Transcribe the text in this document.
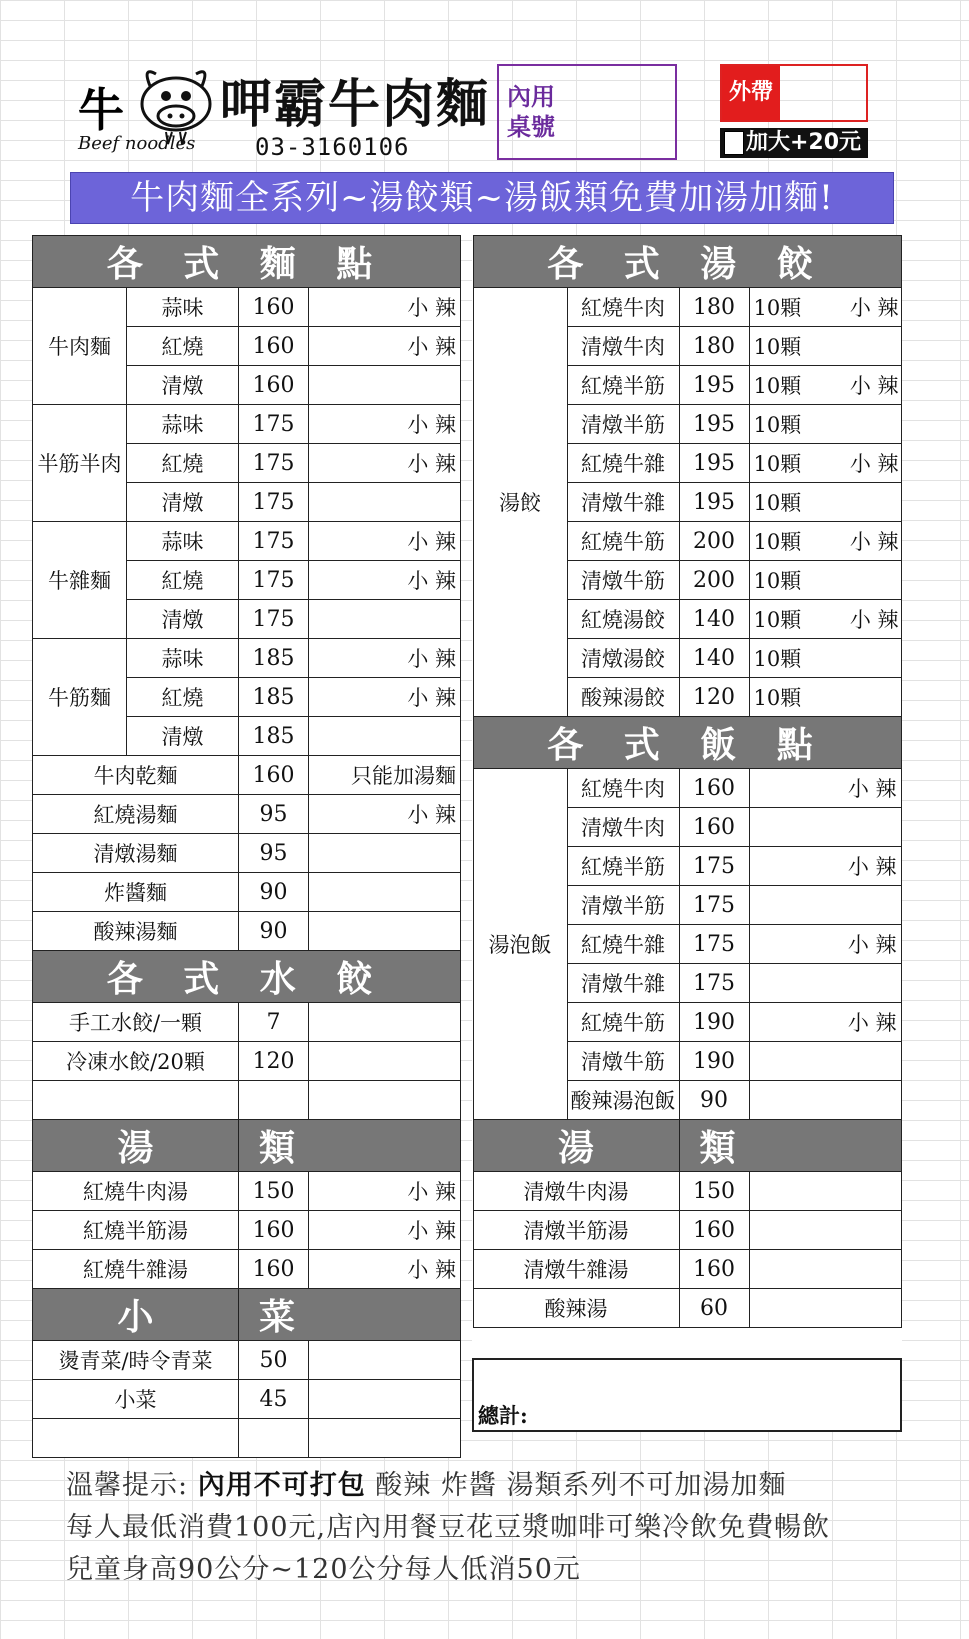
牛
Beef noodles
呷霸牛肉麵
03-3160106
內用
桌號
外帶
加大+20元
牛肉麵全系列~湯餃類~湯飯類免費加湯加麵!
各 式 麵 點			
牛肉麵	蒜味	160	小 辣
	紅燒	160	小 辣
	清燉	160	
半筋半肉	蒜味	175	小 辣
	紅燒	175	小 辣
	清燉	175	
牛雜麵	蒜味	175	小 辣
	紅燒	175	小 辣
	清燉	175	
牛筋麵	蒜味	185	小 辣
	紅燒	185	小 辣
	清燉	185	
牛肉乾麵		160	只能加湯麵
紅燒湯麵		95	小 辣
清燉湯麵		95	
炸醬麵		90	
酸辣湯麵		90	
各 式 水 餃			
手工水餃/一顆		7	
冷凍水餃/20顆		120	

湯		類	
紅燒牛肉湯		150	小 辣
紅燒半筋湯		160	小 辣
紅燒牛雜湯		160	小 辣
小		菜	
燙青菜/時令青菜		50	
小菜		45	

各 式 湯 餃			
湯餃	紅燒牛肉	180	10顆 小 辣

	清燉牛肉	180	10顆

	紅燒半筋	195	10顆 小 辣

	清燉半筋	195	10顆

	紅燒牛雜	195	10顆 小 辣

	清燉牛雜	195	10顆

	紅燒牛筋	200	10顆 小 辣

	清燉牛筋	200	10顆

	紅燒湯餃	140	10顆 小 辣

	清燉湯餃	140	10顆

	酸辣湯餃	120	10顆

各 式 飯 點			
湯泡飯	紅燒牛肉	160	小 辣
	清燉牛肉	160	
	紅燒半筋	175	小 辣
	清燉半筋	175	
	紅燒牛雜	175	小 辣
	清燉牛雜	175	
	紅燒牛筋	190	小 辣
	清燉牛筋	190	
	酸辣湯泡飯	90	
湯		類	
清燉牛肉湯		150	
清燉半筋湯		160	
清燉牛雜湯		160	
酸辣湯		60	

總計:			
溫馨提示: 內用不可打包 酸辣 炸醬 湯類系列不可加湯加麵
每人最低消費100元,店內用餐豆花豆漿咖啡可樂冷飲免費暢飲
兒童身高90公分~120公分每人低消50元
